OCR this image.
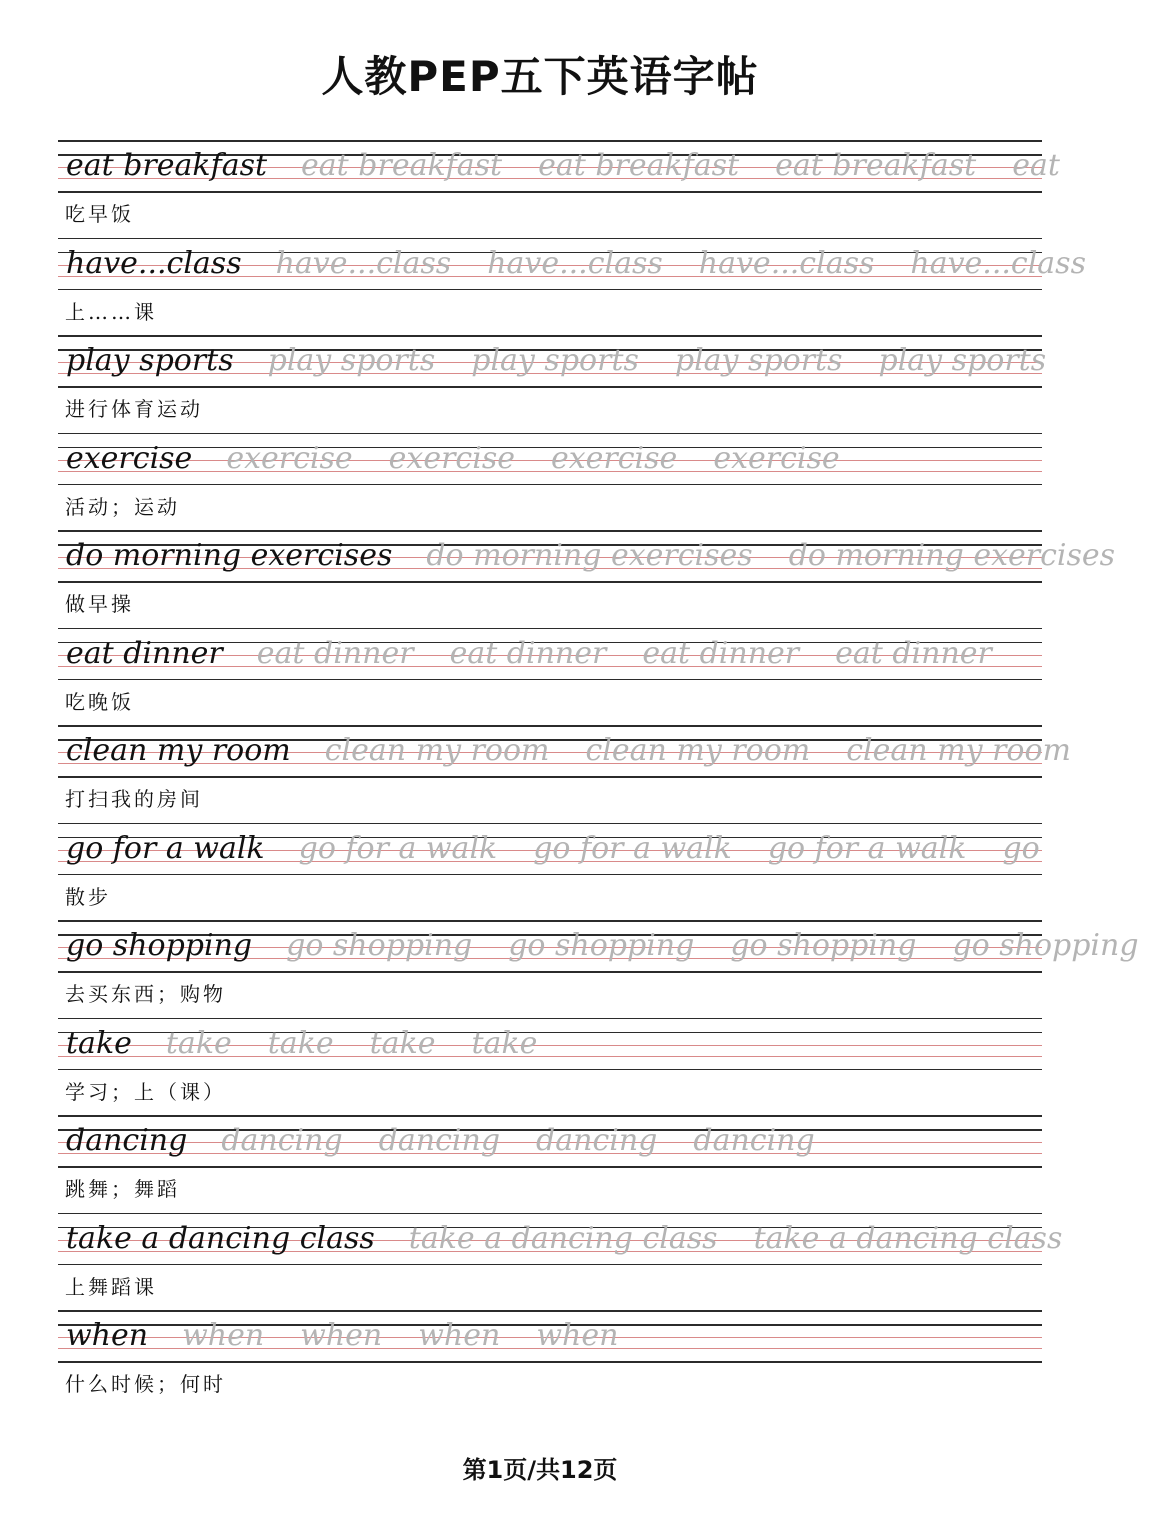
人教PEP五下英语字帖
eat breakfast eat breakfast eat breakfast eat breakfast eat
吃早饭
have...class have...class have...class have...class have...class
上……课
play sports play sports play sports play sports play sports
进行体育运动
exercise exercise exercise exercise exercise
活动；运动
do morning exercises do morning exercises do morning exercises
做早操
eat dinner eat dinner eat dinner eat dinner eat dinner
吃晚饭
clean my room clean my room clean my room clean my room
打扫我的房间
go for a walk go for a walk go for a walk go for a walk go
散步
go shopping go shopping go shopping go shopping go shopping
去买东西；购物
take take take take take
学习；上（课）
dancing dancing dancing dancing dancing
跳舞；舞蹈
take a dancing class take a dancing class take a dancing class
上舞蹈课
when when when when when
什么时候；何时
第1页/共12页
